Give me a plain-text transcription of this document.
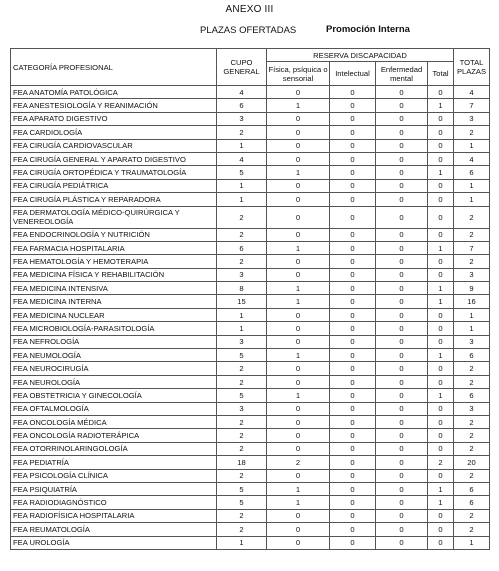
ANEXO III
PLAZAS OFERTADAS	Promoción Interna
CATEGORÍA PROFESIONAL	CUPO GENERAL	RESERVA DISCAPACIDAD				TOTAL PLAZAS
		Física, psíquica o sensorial	Intelectual	Enfermedad mental	Total	
FEA ANATOMÍA PATOLÓGICA	4	0	0	0	0	4
FEA ANESTESIOLOGÍA Y REANIMACIÓN	6	1	0	0	1	7
FEA APARATO DIGESTIVO	3	0	0	0	0	3
FEA CARDIOLOGÍA	2	0	0	0	0	2
FEA CIRUGÍA CARDIOVASCULAR	1	0	0	0	0	1
FEA CIRUGÍA GENERAL Y APARATO DIGESTIVO	4	0	0	0	0	4
FEA CIRUGÍA ORTOPÉDICA Y TRAUMATOLOGÍA	5	1	0	0	1	6
FEA CIRUGÍA PEDIÁTRICA	1	0	0	0	0	1
FEA CIRUGÍA PLÁSTICA Y REPARADORA	1	0	0	0	0	1
FEA DERMATOLOGÍA MÉDICO-QUIRÚRGICA Y VENEREOLOGÍA	2	0	0	0	0	2
FEA ENDOCRINOLOGÍA Y NUTRICIÓN	2	0	0	0	0	2
FEA FARMACIA HOSPITALARIA	6	1	0	0	1	7
FEA HEMATOLOGÍA Y HEMOTERAPIA	2	0	0	0	0	2
FEA MEDICINA FÍSICA Y REHABILITACIÓN	3	0	0	0	0	3
FEA MEDICINA INTENSIVA	8	1	0	0	1	9
FEA MEDICINA INTERNA	15	1	0	0	1	16
FEA MEDICINA NUCLEAR	1	0	0	0	0	1
FEA MICROBIOLOGÍA-PARASITOLOGÍA	1	0	0	0	0	1
FEA NEFROLOGÍA	3	0	0	0	0	3
FEA NEUMOLOGÍA	5	1	0	0	1	6
FEA NEUROCIRUGÍA	2	0	0	0	0	2
FEA NEUROLOGÍA	2	0	0	0	0	2
FEA OBSTETRICIA Y GINECOLOGÍA	5	1	0	0	1	6
FEA OFTALMOLOGÍA	3	0	0	0	0	3
FEA ONCOLOGÍA MÉDICA	2	0	0	0	0	2
FEA ONCOLOGÍA RADIOTERÁPICA	2	0	0	0	0	2
FEA OTORRINOLARINGOLOGÍA	2	0	0	0	0	2
FEA PEDIATRÍA	18	2	0	0	2	20
FEA PSICOLOGÍA CLÍNICA	2	0	0	0	0	2
FEA PSIQUIATRÍA	5	1	0	0	1	6
FEA RADIODIAGNÓSTICO	5	1	0	0	1	6
FEA RADIOFÍSICA HOSPITALARIA	2	0	0	0	0	2
FEA REUMATOLOGÍA	2	0	0	0	0	2
FEA UROLOGÍA	1	0	0	0	0	1
